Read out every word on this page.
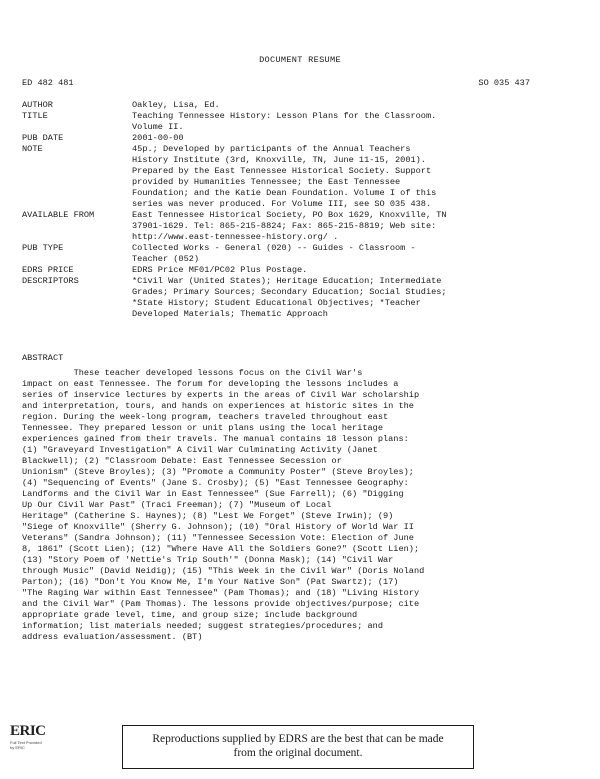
DOCUMENT RESUME
ED 482 481	SO 035 437
AUTHOR	Oakley, Lisa, Ed.
TITLE	Teaching Tennessee History: Lesson Plans for the Classroom.
Volume II.
PUB DATE	2001-00-00
NOTE	45p.; Developed by participants of the Annual Teachers
History Institute (3rd, Knoxville, TN, June 11-15, 2001).
Prepared by the East Tennessee Historical Society. Support
provided by Humanities Tennessee; the East Tennessee
Foundation; and the Katie Dean Foundation. Volume I of this
series was never produced. For Volume III, see SO 035 438.
AVAILABLE FROM	East Tennessee Historical Society, PO Box 1629, Knoxville, TN
37901-1629. Tel: 865-215-8824; Fax: 865-215-8819; Web site:
http://www.east-tennessee-history.org/ .
PUB TYPE	Collected Works - General (020) -- Guides - Classroom -
Teacher (052)
EDRS PRICE	EDRS Price MF01/PC02 Plus Postage.
DESCRIPTORS	*Civil War (United States); Heritage Education; Intermediate
Grades; Primary Sources; Secondary Education; Social Studies;
*State History; Student Educational Objectives; *Teacher
Developed Materials; Thematic Approach
ABSTRACT
These teacher developed lessons focus on the Civil War's
impact on east Tennessee. The forum for developing the lessons includes a
series of inservice lectures by experts in the areas of Civil War scholarship
and interpretation, tours, and hands on experiences at historic sites in the
region. During the week-long program, teachers traveled throughout east
Tennessee. They prepared lesson or unit plans using the local heritage
experiences gained from their travels. The manual contains 18 lesson plans:
(1) "Graveyard Investigation" A Civil War Culminating Activity (Janet
Blackwell); (2) "Classroom Debate: East Tennessee Secession or
Unionism" (Steve Broyles); (3) "Promote a Community Poster" (Steve Broyles);
(4) "Sequencing of Events" (Jane S. Crosby); (5) "East Tennessee Geography:
Landforms and the Civil War in East Tennessee" (Sue Farrell); (6) "Digging
Up Our Civil War Past" (Traci Freeman); (7) "Museum of Local
Heritage" (Catherine S. Haynes); (8) "Lest We Forget" (Steve Irwin); (9)
"Siege of Knoxville" (Sherry G. Johnson); (10) "Oral History of World War II
Veterans" (Sandra Johnson); (11) "Tennessee Secession Vote: Election of June
8, 1861" (Scott Lien); (12) "Where Have All the Soldiers Gone?" (Scott Lien);
(13) "Story Poem of 'Nettie's Trip South'" (Donna Mask); (14) "Civil War
through Music" (David Neidig); (15) "This Week in the Civil War" (Doris Noland
Parton); (16) "Don't You Know Me, I'm Your Native Son" (Pat Swartz); (17)
"The Raging War within East Tennessee" (Pam Thomas); and (18) "Living History
and the Civil War" (Pam Thomas). The lessons provide objectives/purpose; cite
appropriate grade level, time, and group size; include background
information; list materials needed; suggest strategies/procedures; and
address evaluation/assessment. (BT)
ERIC
Full Text Provided by ERIC
Reproductions supplied by EDRS are the best that can be made
from the original document.
